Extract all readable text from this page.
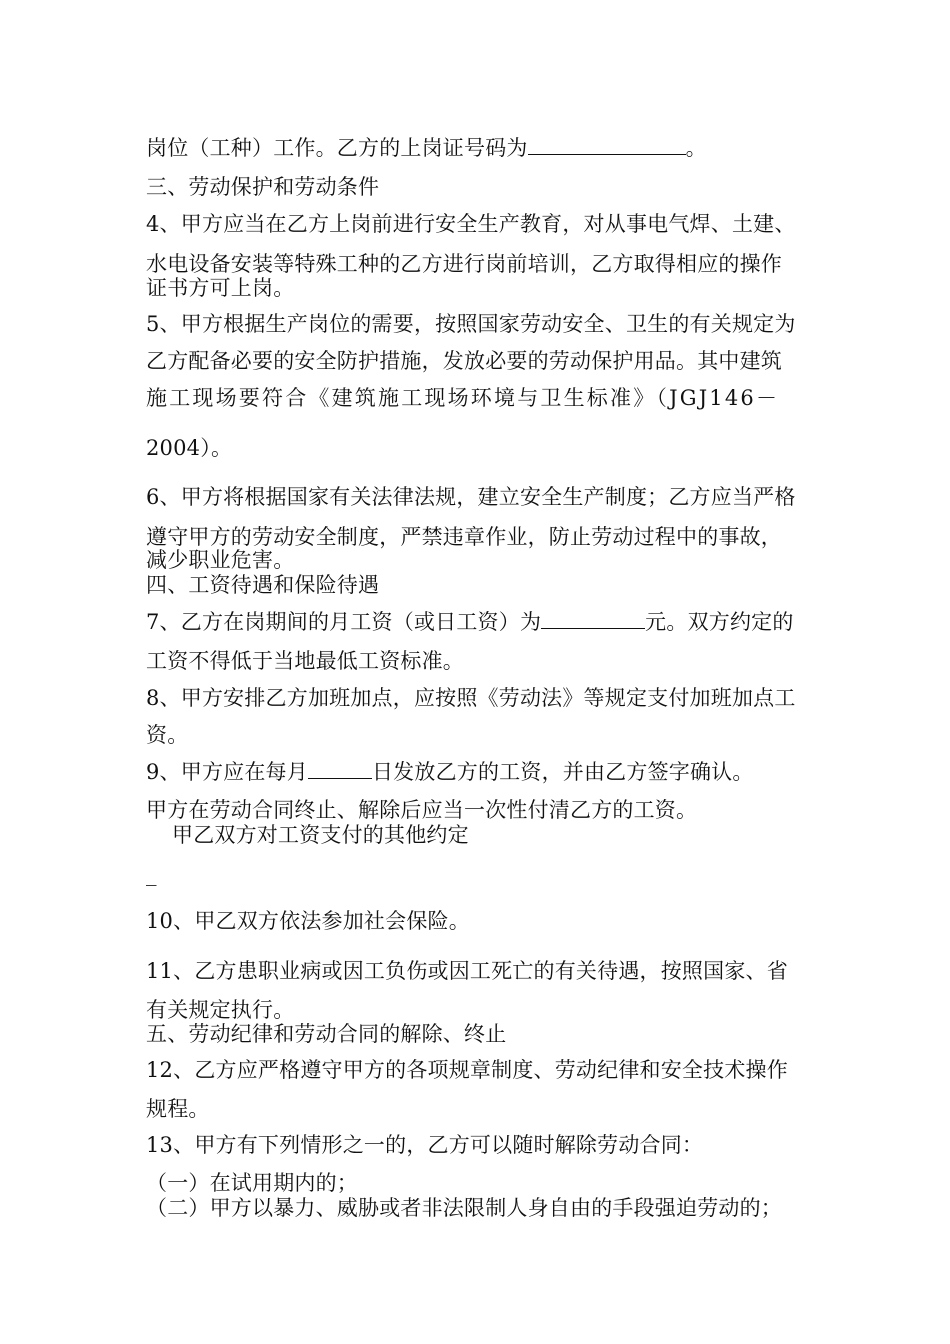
岗位（工种）工作。乙方的上岗证号码为	。
三、劳动保护和劳动条件
4、甲方应当在乙方上岗前进行安全生产教育，对从事电气焊、土建、
水电设备安装等特殊工种的乙方进行岗前培训，乙方取得相应的操作
证书方可上岗。
5、甲方根据生产岗位的需要，按照国家劳动安全、卫生的有关规定为
乙方配备必要的安全防护措施，发放必要的劳动保护用品。其中建筑
施工现场要符合《建筑施工现场环境与卫生标准》（JGJ146－
2004）。
6、甲方将根据国家有关法律法规，建立安全生产制度；乙方应当严格
遵守甲方的劳动安全制度，严禁违章作业，防止劳动过程中的事故，
减少职业危害。
四、工资待遇和保险待遇
7、乙方在岗期间的月工资（或日工资）为	元。双方约定的
工资不得低于当地最低工资标准。
8、甲方安排乙方加班加点，应按照《劳动法》等规定支付加班加点工
资。
9、甲方应在每月	日发放乙方的工资，并由乙方签字确认。
甲方在劳动合同终止、解除后应当一次性付清乙方的工资。
甲乙双方对工资支付的其他约定
_
10、甲乙双方依法参加社会保险。
11、乙方患职业病或因工负伤或因工死亡的有关待遇，按照国家、省
有关规定执行。
五、劳动纪律和劳动合同的解除、终止
12、乙方应严格遵守甲方的各项规章制度、劳动纪律和安全技术操作
规程。
13、甲方有下列情形之一的，乙方可以随时解除劳动合同：
（一）在试用期内的；
（二）甲方以暴力、威胁或者非法限制人身自由的手段强迫劳动的；
